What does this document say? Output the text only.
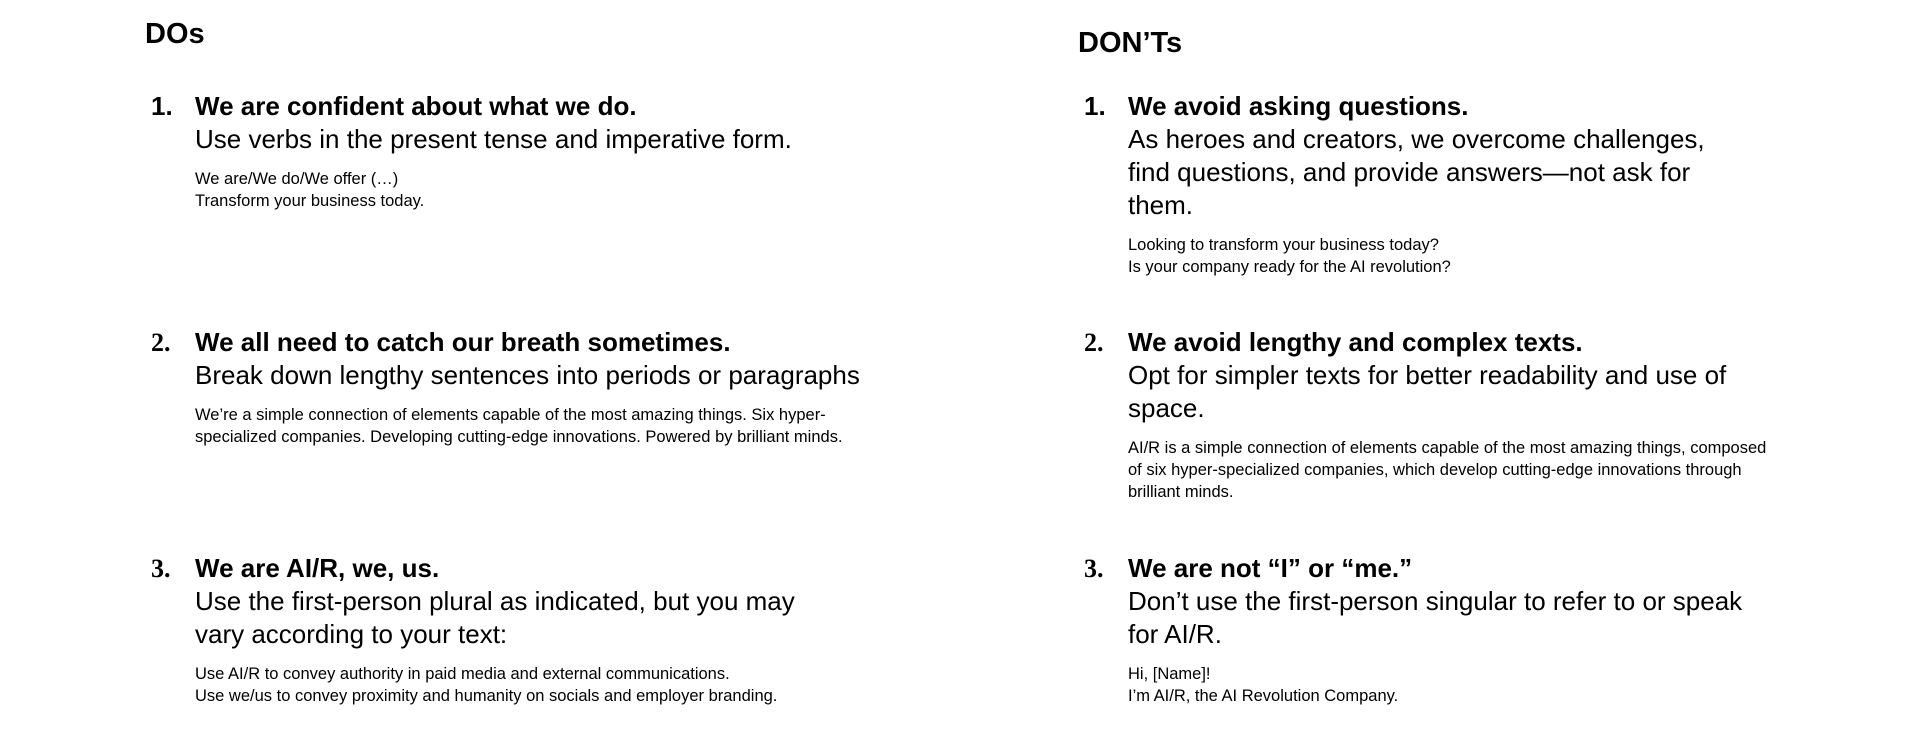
DOs
1. We are confident about what we do.

Use verbs in the present tense and imperative form.

We are/We do/We offer (…)
Transform your business today.
2. We all need to catch our breath sometimes.

Break down lengthy sentences into periods or paragraphs

We’re a simple connection of elements capable of the most amazing things. Six hyper-specialized companies. Developing cutting-edge innovations. Powered by brilliant minds.
3. We are AI/R, we, us.

Use the first-person plural as indicated, but you may vary according to your text:

Use AI/R to convey authority in paid media and external communications.
Use we/us to convey proximity and humanity on socials and employer branding.
DON’Ts
1. We avoid asking questions.

As heroes and creators, we overcome challenges, find questions, and provide answers—not ask for them.

Looking to transform your business today?
Is your company ready for the AI revolution?
2. We avoid lengthy and complex texts.

Opt for simpler texts for better readability and use of space.

AI/R is a simple connection of elements capable of the most amazing things, composed of six hyper-specialized companies, which develop cutting-edge innovations through brilliant minds.
3. We are not “I” or “me.”

Don’t use the first-person singular to refer to or speak for AI/R.

Hi, [Name]!
I’m AI/R, the AI Revolution Company.
